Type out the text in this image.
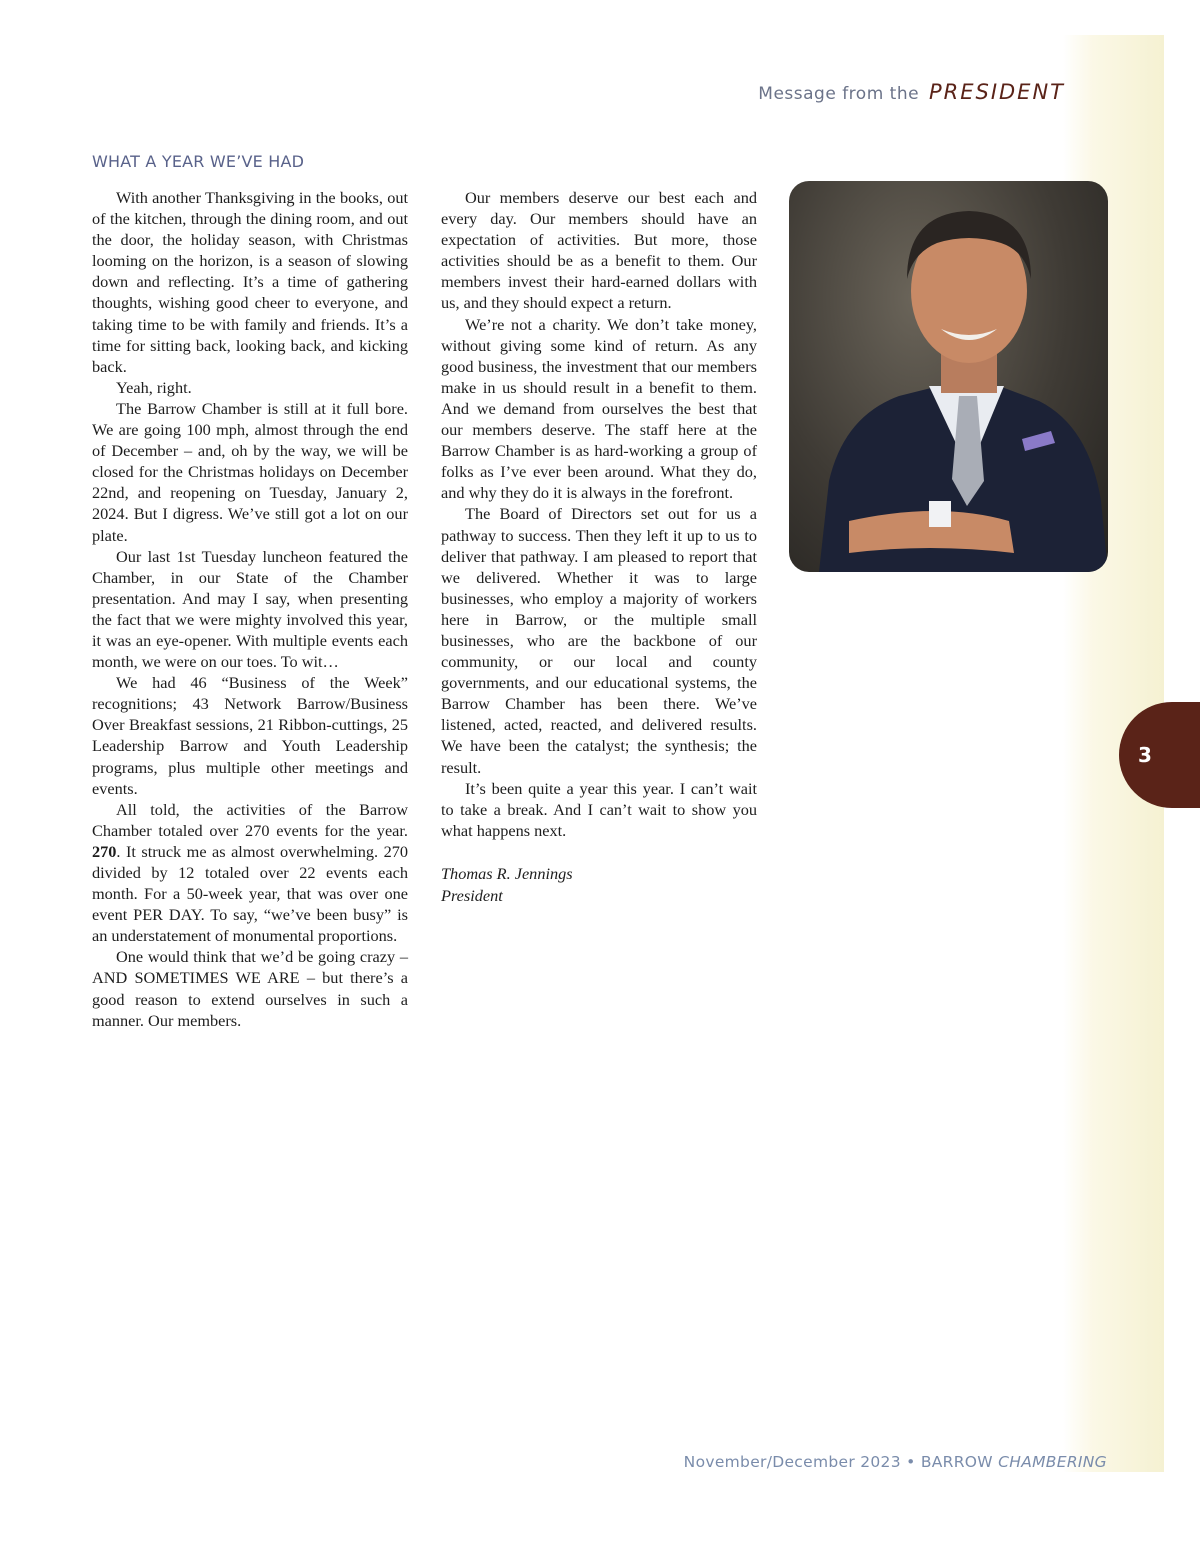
Message from the PRESIDENT
WHAT A YEAR WE’VE HAD

With another Thanksgiving in the books, out of the kitchen, through the dining room, and out the door, the holiday season, with Christmas looming on the horizon, is a season of slowing down and reflecting. It’s a time of gathering thoughts, wishing good cheer to everyone, and taking time to be with family and friends. It’s a time for sitting back, looking back, and kicking back.

Yeah, right.

The Barrow Chamber is still at it full bore. We are going 100 mph, almost through the end of December – and, oh by the way, we will be closed for the Christmas holidays on December 22nd, and reopening on Tuesday, January 2, 2024. But I digress. We’ve still got a lot on our plate.

Our last 1st Tuesday luncheon featured the Chamber, in our State of the Chamber presentation. And may I say, when presenting the fact that we were mighty involved this year, it was an eye-opener. With multiple events each month, we were on our toes. To wit…

We had 46 “Business of the Week” recognitions; 43 Network Barrow/Business Over Breakfast sessions, 21 Ribbon-cuttings, 25 Leadership Barrow and Youth Leadership programs, plus multiple other meetings and events.

All told, the activities of the Barrow Chamber totaled over 270 events for the year. 270. It struck me as almost overwhelming. 270 divided by 12 totaled over 22 events each month. For a 50-week year, that was over one event PER DAY. To say, “we’ve been busy” is an understatement of monumental proportions.

One would think that we’d be going crazy – AND SOMETIMES WE ARE – but there’s a good reason to extend ourselves in such a manner. Our members.

Our members deserve our best each and every day. Our members should have an expectation of activities. But more, those activities should be as a benefit to them. Our members invest their hard-earned dollars with us, and they should expect a return.

We’re not a charity. We don’t take money, without giving some kind of return. As any good business, the investment that our members make in us should result in a benefit to them. And we demand from ourselves the best that our members deserve. The staff here at the Barrow Chamber is as hard-working a group of folks as I’ve ever been around. What they do, and why they do it is always in the forefront.

The Board of Directors set out for us a pathway to success. Then they left it up to us to deliver that pathway. I am pleased to report that we delivered. Whether it was to large businesses, who employ a majority of workers here in Barrow, or the multiple small businesses, who are the backbone of our community, or our local and county governments, and our educational systems, the Barrow Chamber has been there. We’ve listened, acted, reacted, and delivered results. We have been the catalyst; the synthesis; the result.

It’s been quite a year this year. I can’t wait to take a break. And I can’t wait to show you what happens next.

Thomas R. Jennings
President
3
November/December 2023 • BARROW CHAMBERING
